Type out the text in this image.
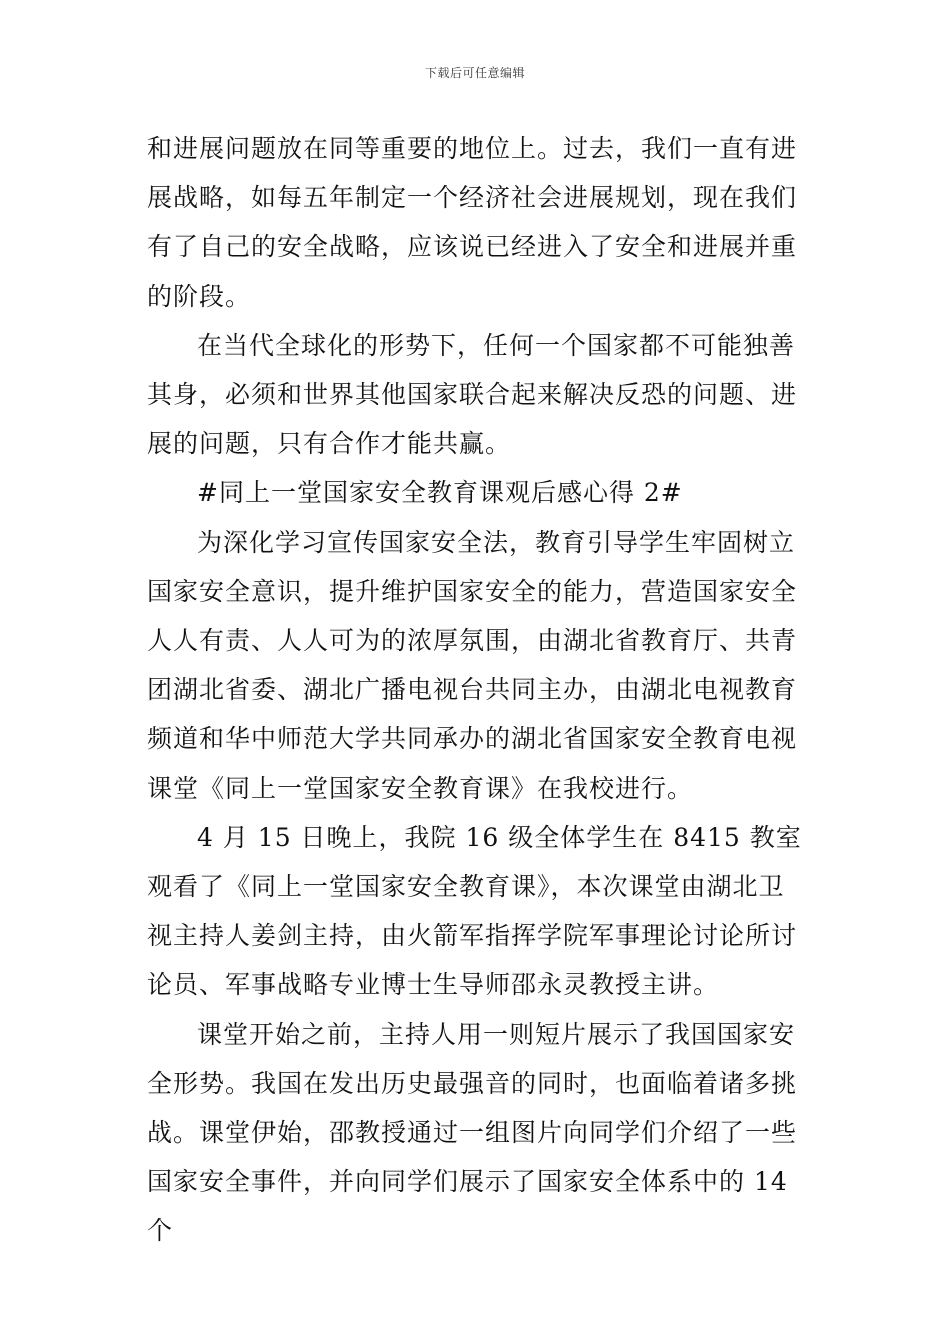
下载后可任意编辑

和进展问题放在同等重要的地位上。过去，我们一直有进展战略，如每五年制定一个经济社会进展规划，现在我们有了自己的安全战略，应该说已经进入了安全和进展并重的阶段。

在当代全球化的形势下，任何一个国家都不可能独善其身，必须和世界其他国家联合起来解决反恐的问题、进展的问题，只有合作才能共赢。

#同上一堂国家安全教育课观后感心得 2#

为深化学习宣传国家安全法，教育引导学生牢固树立国家安全意识，提升维护国家安全的能力，营造国家安全人人有责、人人可为的浓厚氛围，由湖北省教育厅、共青团湖北省委、湖北广播电视台共同主办，由湖北电视教育频道和华中师范大学共同承办的湖北省国家安全教育电视课堂《同上一堂国家安全教育课》在我校进行。

4 月 15 日晚上，我院 16 级全体学生在 8415 教室观看了《同上一堂国家安全教育课》，本次课堂由湖北卫视主持人姜剑主持，由火箭军指挥学院军事理论讨论所讨论员、军事战略专业博士生导师邵永灵教授主讲。

课堂开始之前，主持人用一则短片展示了我国国家安全形势。我国在发出历史最强音的同时，也面临着诸多挑战。课堂伊始，邵教授通过一组图片向同学们介绍了一些国家安全事件，并向同学们展示了国家安全体系中的 14 个
